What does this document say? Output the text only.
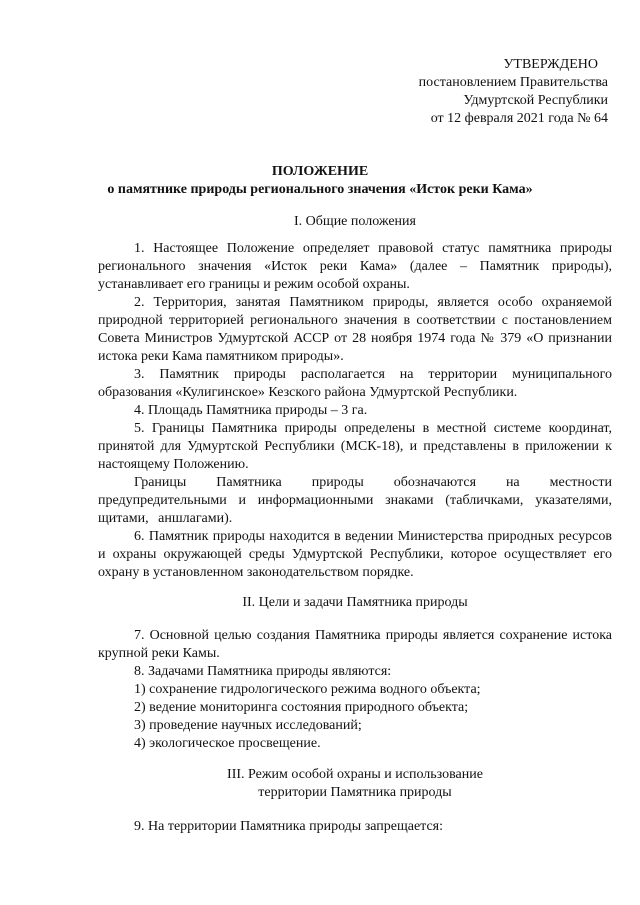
УТВЕРЖДЕНО
постановлением Правительства
Удмуртской Республики
от 12 февраля 2021 года № 64
ПОЛОЖЕНИЕ
о памятнике природы регионального значения «Исток реки Кама»
I. Общие положения

1. Настоящее Положение определяет правовой статус памятника природы регионального значения «Исток реки Кама» (далее – Памятник природы), устанавливает его границы и режим особой охраны.

2. Территория, занятая Памятником природы, является особо охраняемой природной территорией регионального значения в соответствии с постановлением Совета Министров Удмуртской АССР от 28 ноября 1974 года № 379 «О признании истока реки Кама памятником природы».

3. Памятник природы располагается на территории муниципального образования «Кулигинское» Кезского района Удмуртской Республики.

4. Площадь Памятника природы – 3 га.

5. Границы Памятника природы определены в местной системе координат, принятой для Удмуртской Республики (МСК-18), и представлены в приложении к настоящему Положению.

Границы Памятника природы обозначаются на местности предупредительными и информационными знаками (табличками, указателями, щитами, аншлагами).

6. Памятник природы находится в ведении Министерства природных ресурсов и охраны окружающей среды Удмуртской Республики, которое осуществляет его охрану в установленном законодательством порядке.

II. Цели и задачи Памятника природы

7. Основной целью создания Памятника природы является сохранение истока крупной реки Камы.

8. Задачами Памятника природы являются:

1) сохранение гидрологического режима водного объекта;

2) ведение мониторинга состояния природного объекта;

3) проведение научных исследований;

4) экологическое просвещение.

III. Режим особой охраны и использование
территории Памятника природы

9. На территории Памятника природы запрещается:
